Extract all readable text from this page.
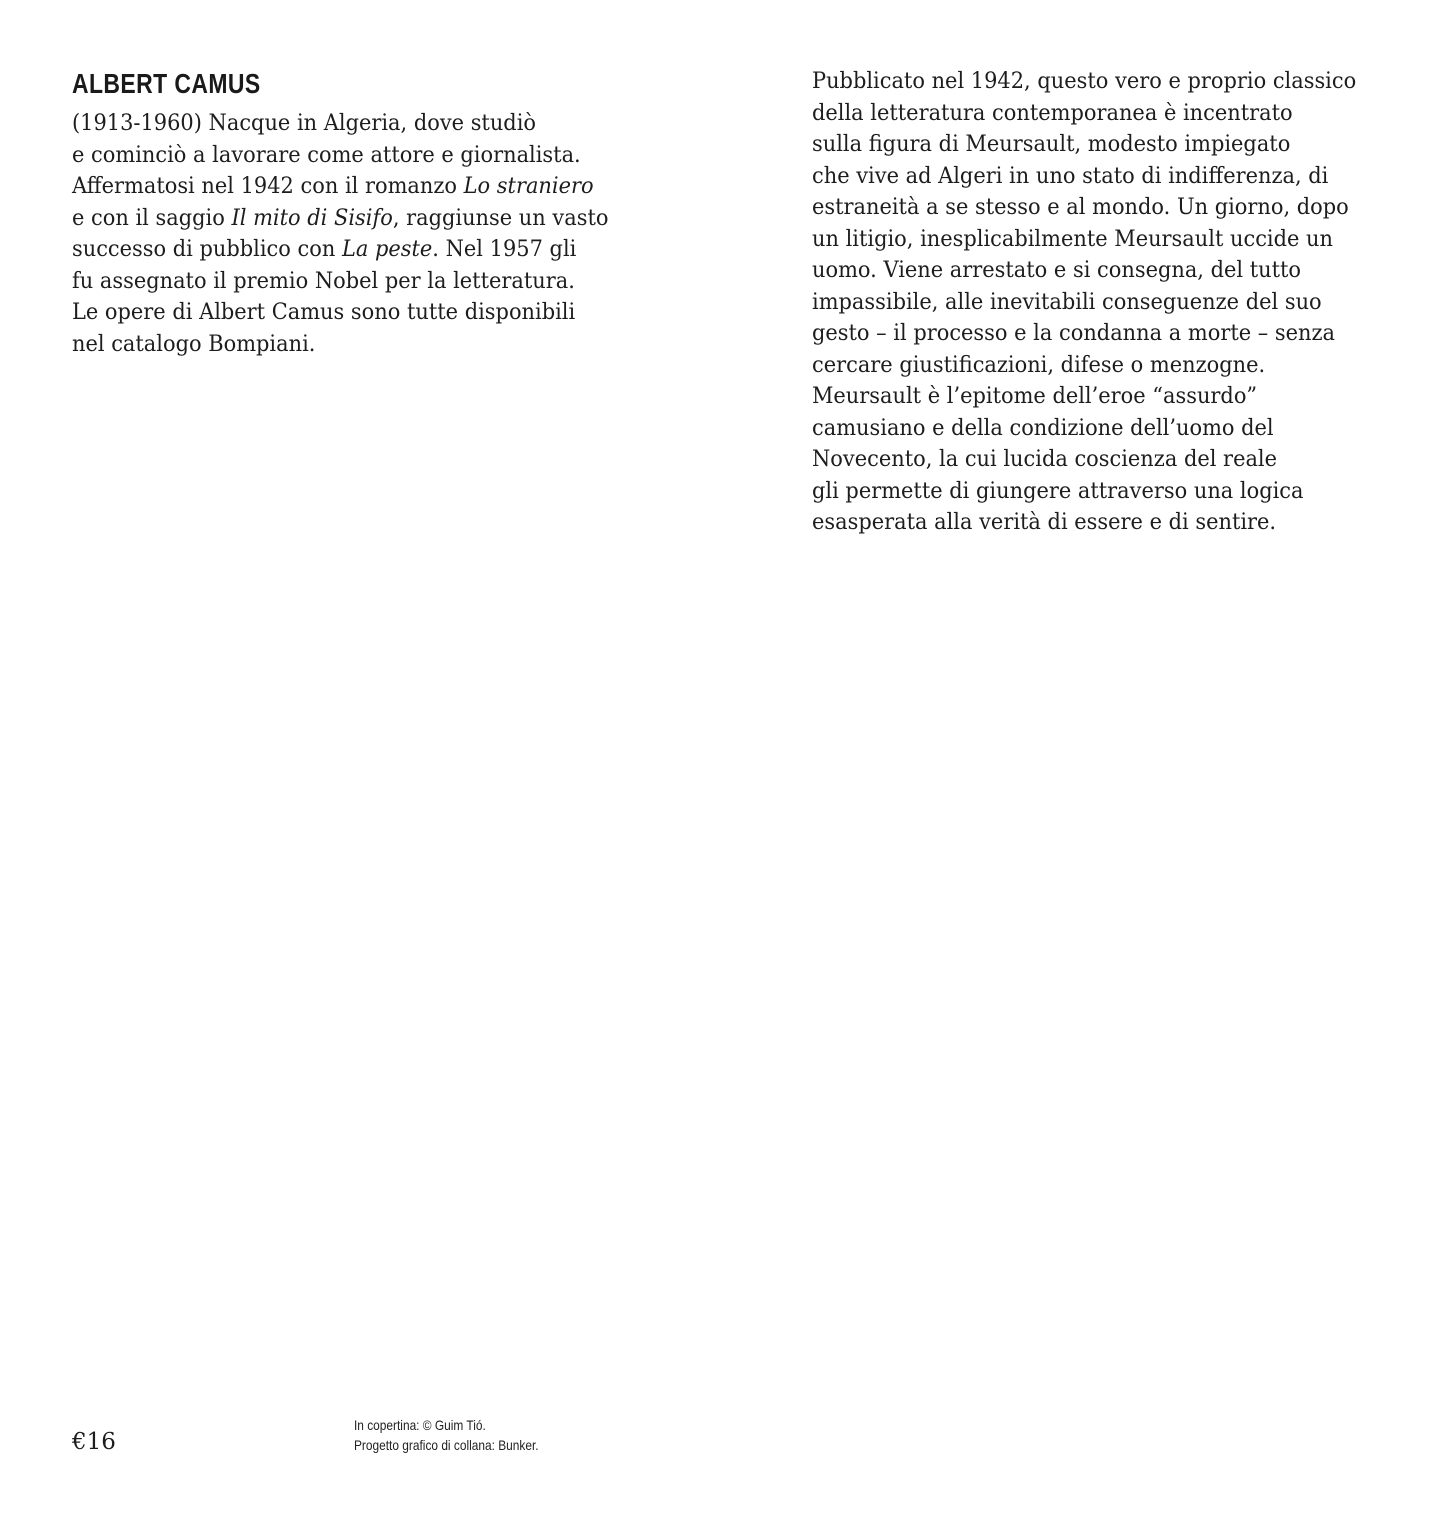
ALBERT CAMUS

(1913-1960) Nacque in Algeria, dove studiò
e cominciò a lavorare come attore e giornalista.
Affermatosi nel 1942 con il romanzo Lo straniero
e con il saggio Il mito di Sisifo, raggiunse un vasto
successo di pubblico con La peste. Nel 1957 gli
fu assegnato il premio Nobel per la letteratura.
Le opere di Albert Camus sono tutte disponibili
nel catalogo Bompiani.

Pubblicato nel 1942, questo vero e proprio classico
della letteratura contemporanea è incentrato
sulla figura di Meursault, modesto impiegato
che vive ad Algeri in uno stato di indifferenza, di
estraneità a se stesso e al mondo. Un giorno, dopo
un litigio, inesplicabilmente Meursault uccide un
uomo. Viene arrestato e si consegna, del tutto
impassibile, alle inevitabili conseguenze del suo
gesto – il processo e la condanna a morte – senza
cercare giustificazioni, difese o menzogne.
Meursault è l’epitome dell’eroe “assurdo”
camusiano e della condizione dell’uomo del
Novecento, la cui lucida coscienza del reale
gli permette di giungere attraverso una logica
esasperata alla verità di essere e di sentire.

€16
In copertina: © Guim Tió.
Progetto grafico di collana: Bunker.
